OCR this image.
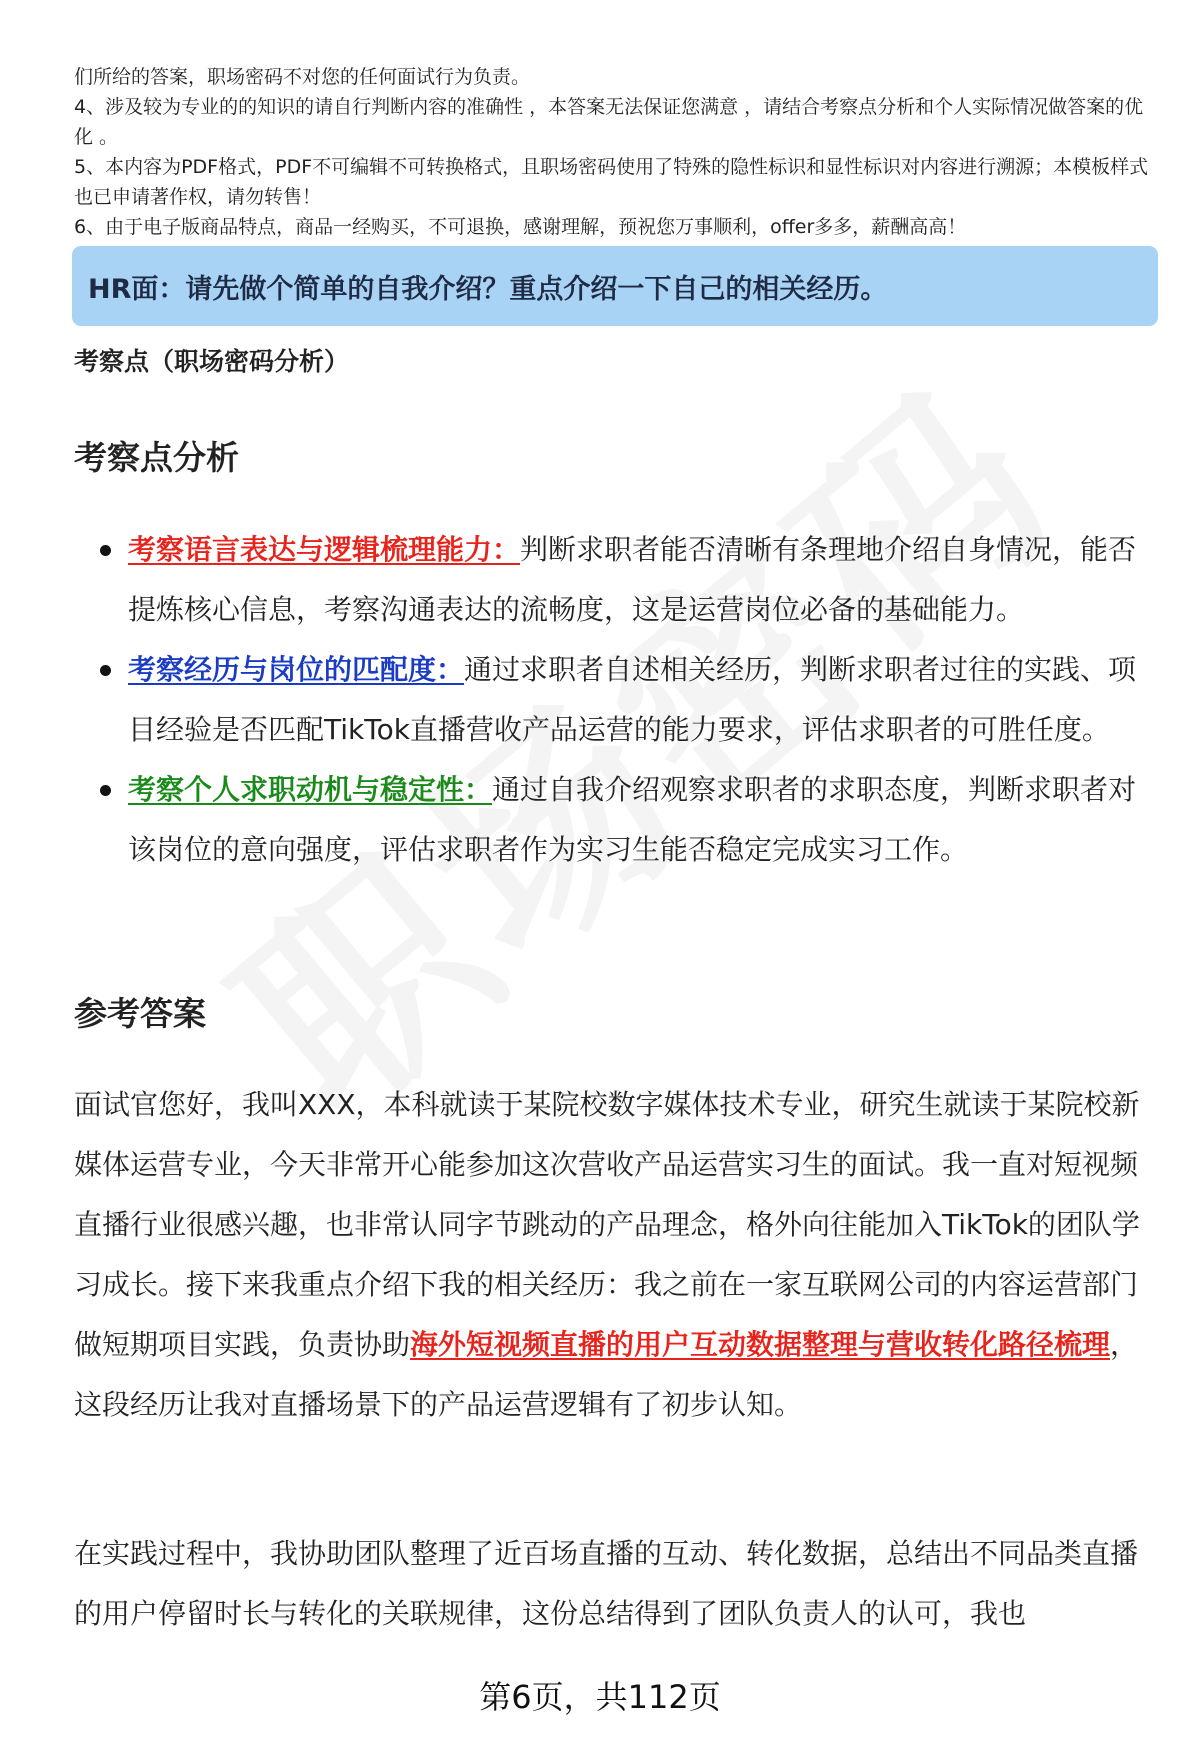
们所给的答案，职场密码不对您的任何面试行为负责。

4、涉及较为专业的的知识的请自行判断内容的准确性 ，本答案无法保证您满意 ，请结合考察点分析和个人实际情况做答案的优化 。

5、本内容为PDF格式，PDF不可编辑不可转换格式，且职场密码使用了特殊的隐性标识和显性标识对内容进行溯源；本模板样式也已申请著作权，请勿转售！

6、由于电子版商品特点，商品一经购买，不可退换，感谢理解，预祝您万事顺利，offer多多，薪酬高高！

HR面：请先做个简单的自我介绍？重点介绍一下自己的相关经历。
考察点（职场密码分析）
考察点分析
考察语言表达与逻辑梳理能力：判断求职者能否清晰有条理地介绍自身情况，能否提炼核心信息，考察沟通表达的流畅度，这是运营岗位必备的基础能力。
考察经历与岗位的匹配度：通过求职者自述相关经历，判断求职者过往的实践、项目经验是否匹配TikTok直播营收产品运营的能力要求，评估求职者的可胜任度。
考察个人求职动机与稳定性：通过自我介绍观察求职者的求职态度，判断求职者对该岗位的意向强度，评估求职者作为实习生能否稳定完成实习工作。
参考答案

面试官您好，我叫XXX，本科就读于某院校数字媒体技术专业，研究生就读于某院校新媒体运营专业，今天非常开心能参加这次营收产品运营实习生的面试。我一直对短视频直播行业很感兴趣，也非常认同字节跳动的产品理念，格外向往能加入TikTok的团队学习成长。接下来我重点介绍下我的相关经历：我之前在一家互联网公司的内容运营部门做短期项目实践，负责协助海外短视频直播的用户互动数据整理与营收转化路径梳理，这段经历让我对直播场景下的产品运营逻辑有了初步认知。

在实践过程中，我协助团队整理了近百场直播的互动、转化数据，总结出不同品类直播的用户停留时长与转化的关联规律，这份总结得到了团队负责人的认可，我也

第6页，共112页
